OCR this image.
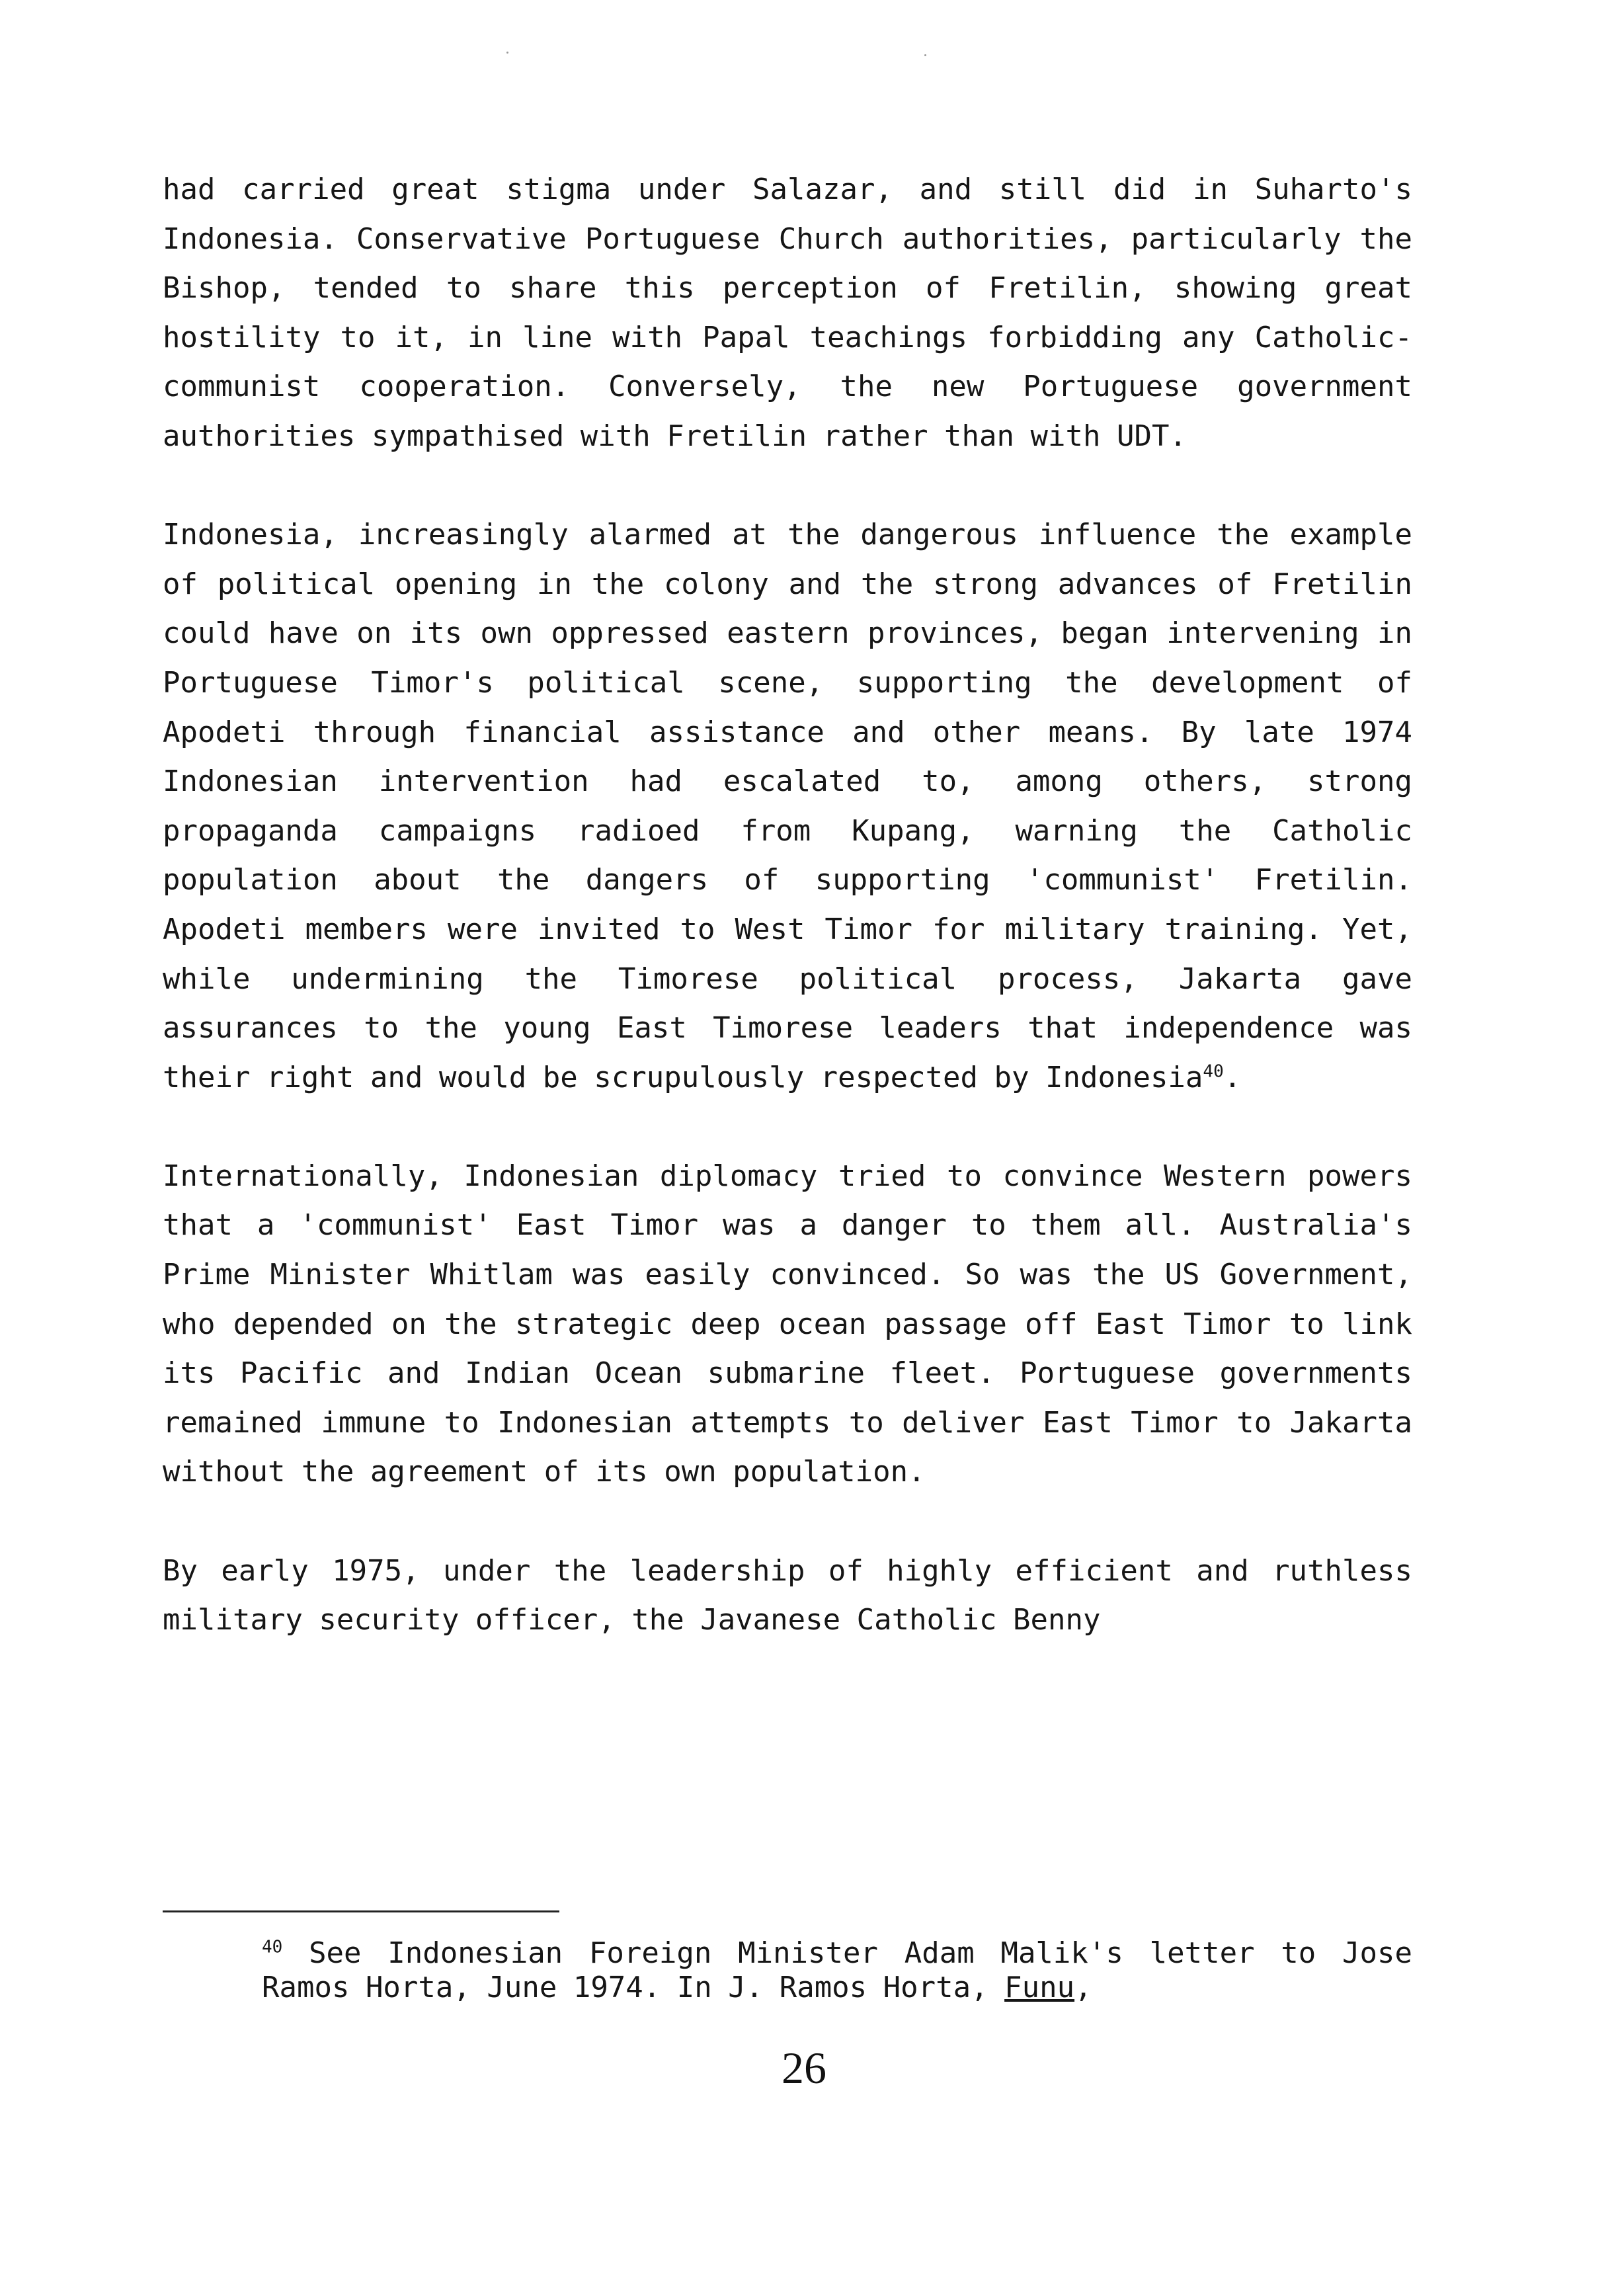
had carried great stigma under Salazar, and still did in Suharto's Indonesia. Conservative Portuguese Church authorities, particularly the Bishop, tended to share this perception of Fretilin, showing great hostility to it, in line with Papal teachings forbidding any Catholic-communist cooperation. Conversely, the new Portuguese government authorities sympathised with Fretilin rather than with UDT.

Indonesia, increasingly alarmed at the dangerous influence the example of political opening in the colony and the strong advances of Fretilin could have on its own oppressed eastern provinces, began intervening in Portuguese Timor's political scene, supporting the development of Apodeti through financial assistance and other means. By late 1974 Indonesian intervention had escalated to, among others, strong propaganda campaigns radioed from Kupang, warning the Catholic population about the dangers of supporting 'communist' Fretilin. Apodeti members were invited to West Timor for military training. Yet, while undermining the Timorese political process, Jakarta gave assurances to the young East Timorese leaders that independence was their right and would be scrupulously respected by Indonesia$^{40}$.

Internationally, Indonesian diplomacy tried to convince Western powers that a 'communist' East Timor was a danger to them all. Australia's Prime Minister Whitlam was easily convinced. So was the US Government, who depended on the strategic deep ocean passage off East Timor to link its Pacific and Indian Ocean submarine fleet. Portuguese governments remained immune to Indonesian attempts to deliver East Timor to Jakarta without the agreement of its own population.

By early 1975, under the leadership of highly efficient and ruthless military security officer, the Javanese Catholic Benny

$^{40}$ See Indonesian Foreign Minister Adam Malik's letter to Jose Ramos Horta, June 1974. In J. Ramos Horta, Funu,
26
